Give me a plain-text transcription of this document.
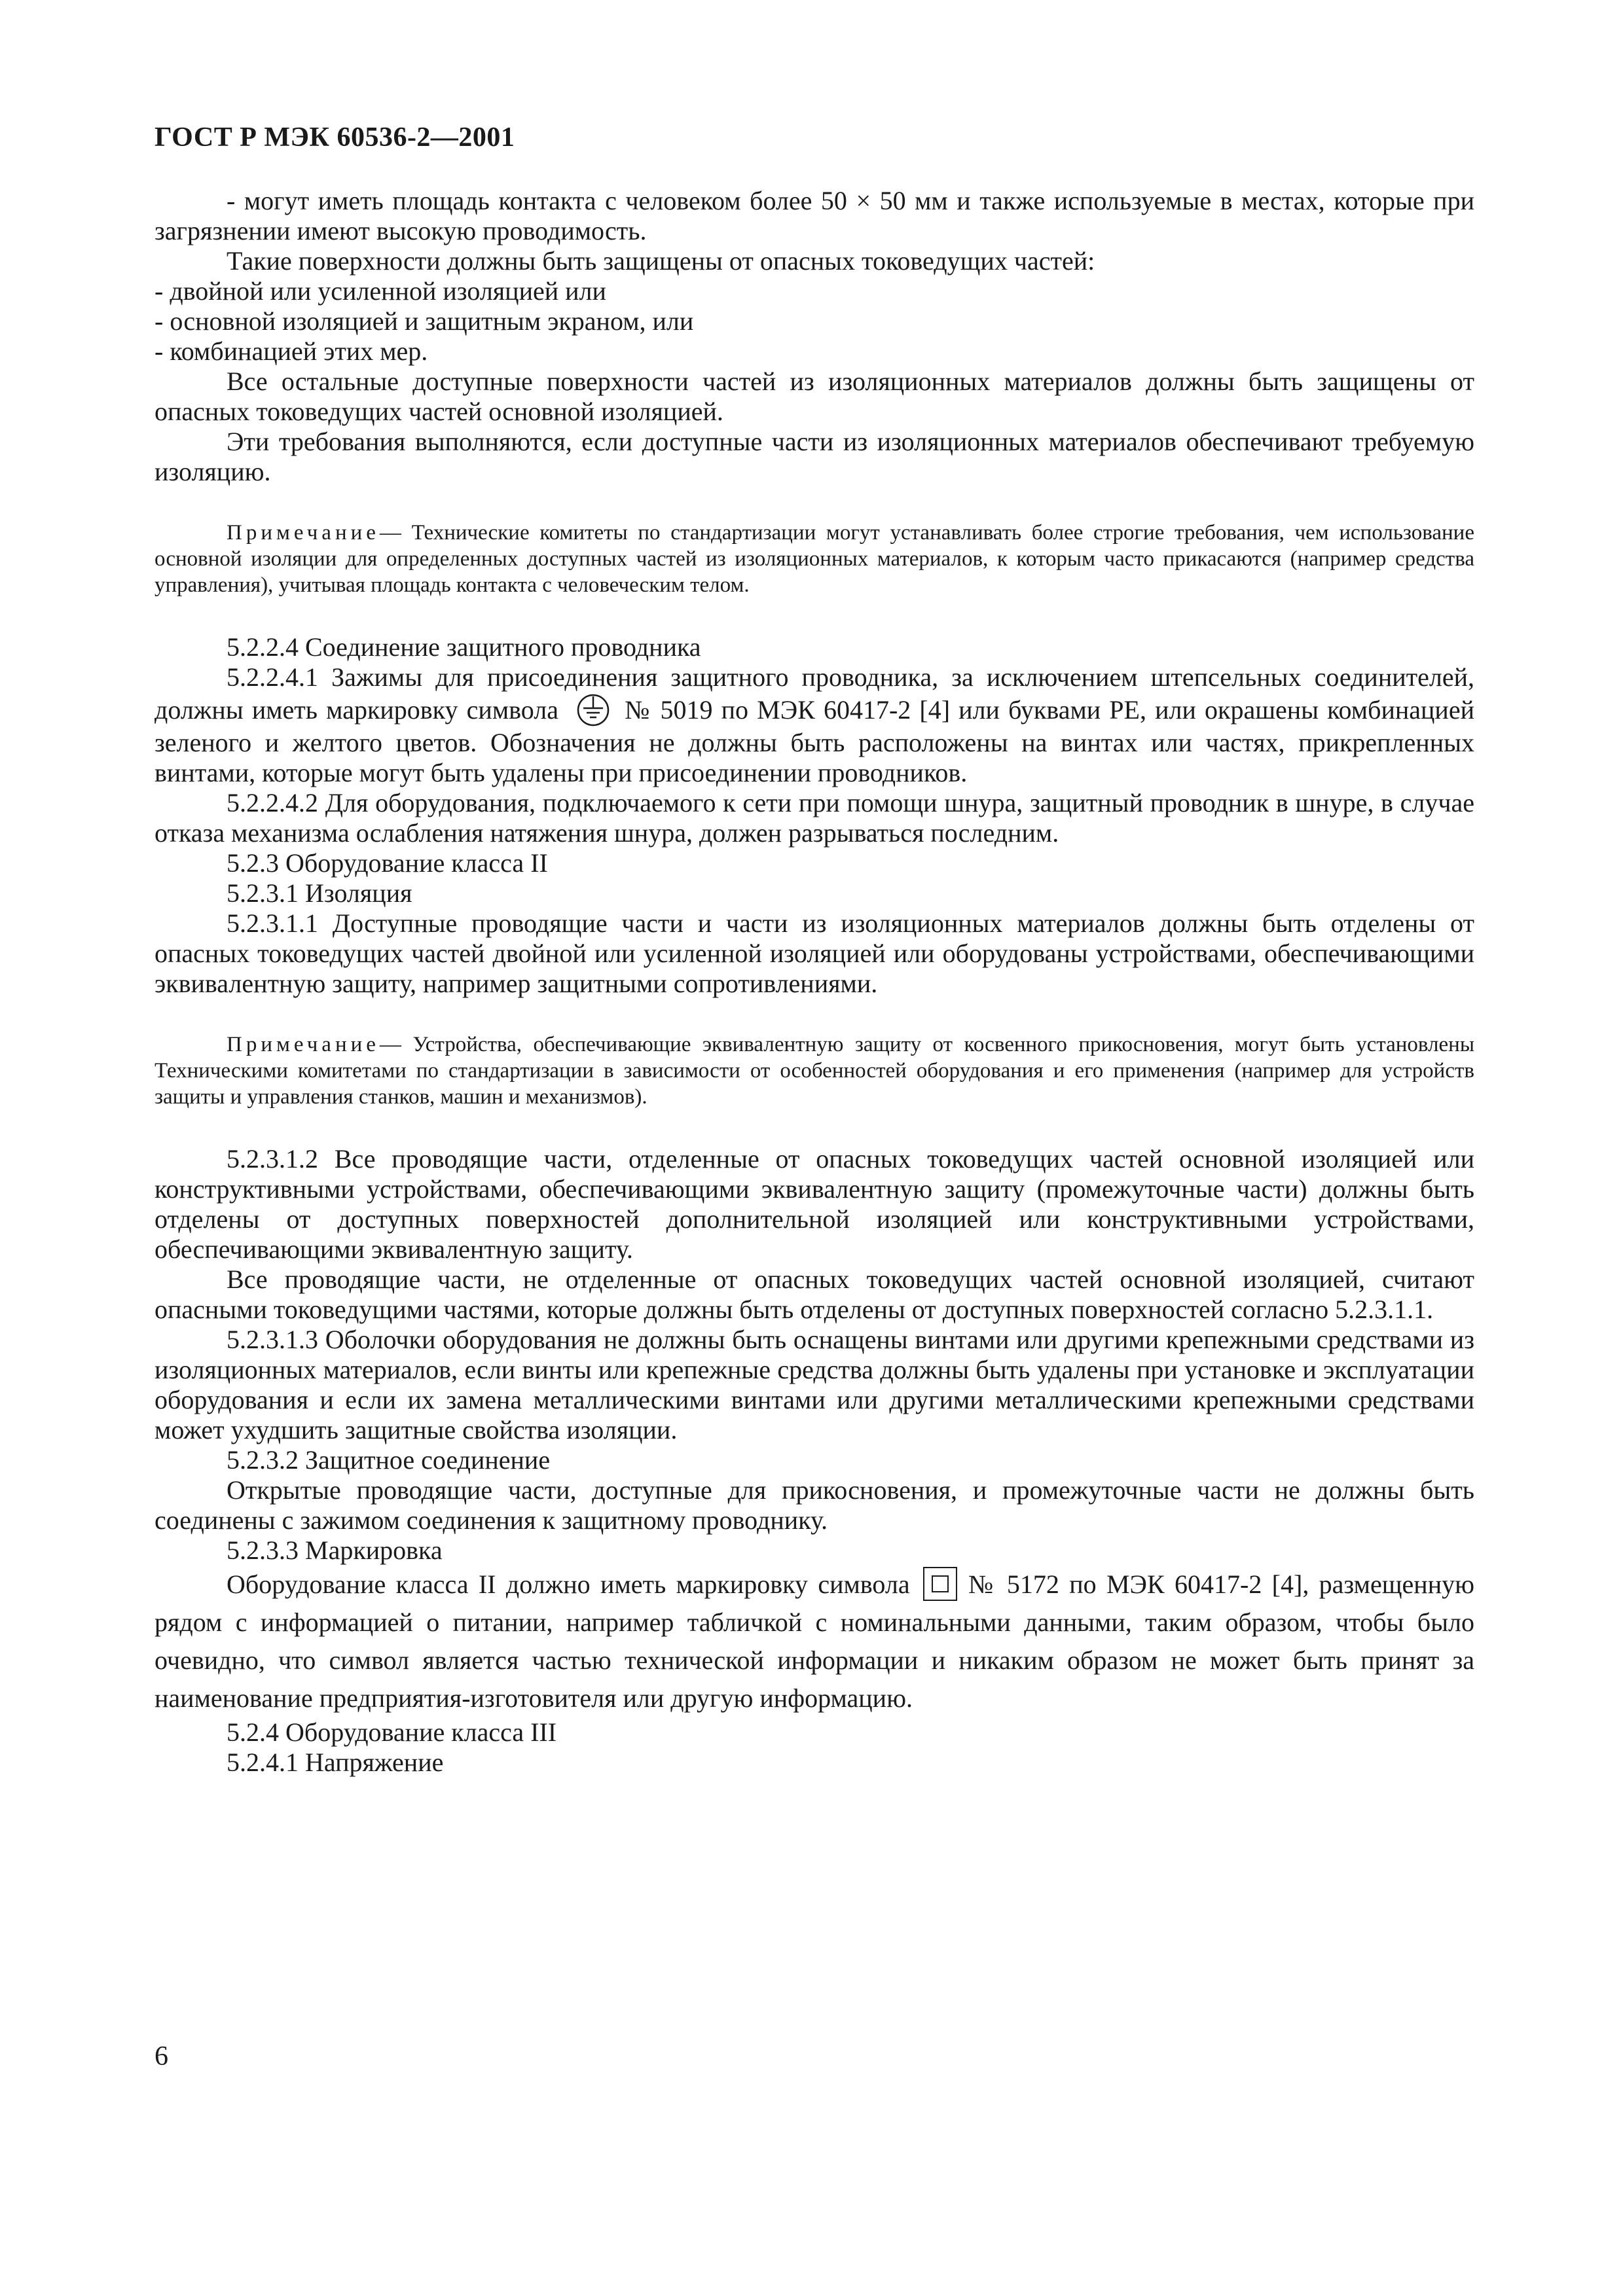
ГОСТ Р МЭК 60536-2—2001

- могут иметь площадь контакта с человеком более 50 × 50 мм и также используемые в местах, которые при загрязнении имеют высокую проводимость.

Такие поверхности должны быть защищены от опасных токоведущих частей:

- двойной или усиленной изоляцией или

- основной изоляцией и защитным экраном, или

- комбинацией этих мер.

Все остальные доступные поверхности частей из изоляционных материалов должны быть защищены от опасных токоведущих частей основной изоляцией.

Эти требования выполняются, если доступные части из изоляционных материалов обеспечивают требуемую изоляцию.

Примечание— Технические комитеты по стандартизации могут устанавливать более строгие требования, чем использование основной изоляции для определенных доступных частей из изоляционных материалов, к которым часто прикасаются (например средства управления), учитывая площадь контакта с человеческим телом.

5.2.2.4 Соединение защитного проводника

5.2.2.4.1 Зажимы для присоединения защитного проводника, за исключением штепсельных соединителей, должны иметь маркировку символа № 5019 по МЭК 60417-2 [4] или буквами PE, или окрашены комбинацией зеленого и желтого цветов. Обозначения не должны быть расположены на винтах или частях, прикрепленных винтами, которые могут быть удалены при присоединении проводников.

5.2.2.4.2 Для оборудования, подключаемого к сети при помощи шнура, защитный проводник в шнуре, в случае отказа механизма ослабления натяжения шнура, должен разрываться последним.

5.2.3 Оборудование класса II

5.2.3.1 Изоляция

5.2.3.1.1 Доступные проводящие части и части из изоляционных материалов должны быть отделены от опасных токоведущих частей двойной или усиленной изоляцией или оборудованы устройствами, обеспечивающими эквивалентную защиту, например защитными сопротивлениями.

Примечание— Устройства, обеспечивающие эквивалентную защиту от косвенного прикосновения, могут быть установлены Техническими комитетами по стандартизации в зависимости от особенностей оборудования и его применения (например для устройств защиты и управления станков, машин и механизмов).

5.2.3.1.2 Все проводящие части, отделенные от опасных токоведущих частей основной изоляцией или конструктивными устройствами, обеспечивающими эквивалентную защиту (промежуточные части) должны быть отделены от доступных поверхностей дополнительной изоляцией или конструктивными устройствами, обеспечивающими эквивалентную защиту.

Все проводящие части, не отделенные от опасных токоведущих частей основной изоляцией, считают опасными токоведущими частями, которые должны быть отделены от доступных поверхностей согласно 5.2.3.1.1.

5.2.3.1.3 Оболочки оборудования не должны быть оснащены винтами или другими крепежными средствами из изоляционных материалов, если винты или крепежные средства должны быть удалены при установке и эксплуатации оборудования и если их замена металлическими винтами или другими металлическими крепежными средствами может ухудшить защитные свойства изоляции.

5.2.3.2 Защитное соединение

Открытые проводящие части, доступные для прикосновения, и промежуточные части не должны быть соединены с зажимом соединения к защитному проводнику.

5.2.3.3 Маркировка

Оборудование класса II должно иметь маркировку символа № 5172 по МЭК 60417-2 [4], размещенную рядом с информацией о питании, например табличкой с номинальными данными, таким образом, чтобы было очевидно, что символ является частью технической информации и никаким образом не может быть принят за наименование предприятия-изготовителя или другую информацию.

5.2.4 Оборудование класса III

5.2.4.1 Напряжение

6
